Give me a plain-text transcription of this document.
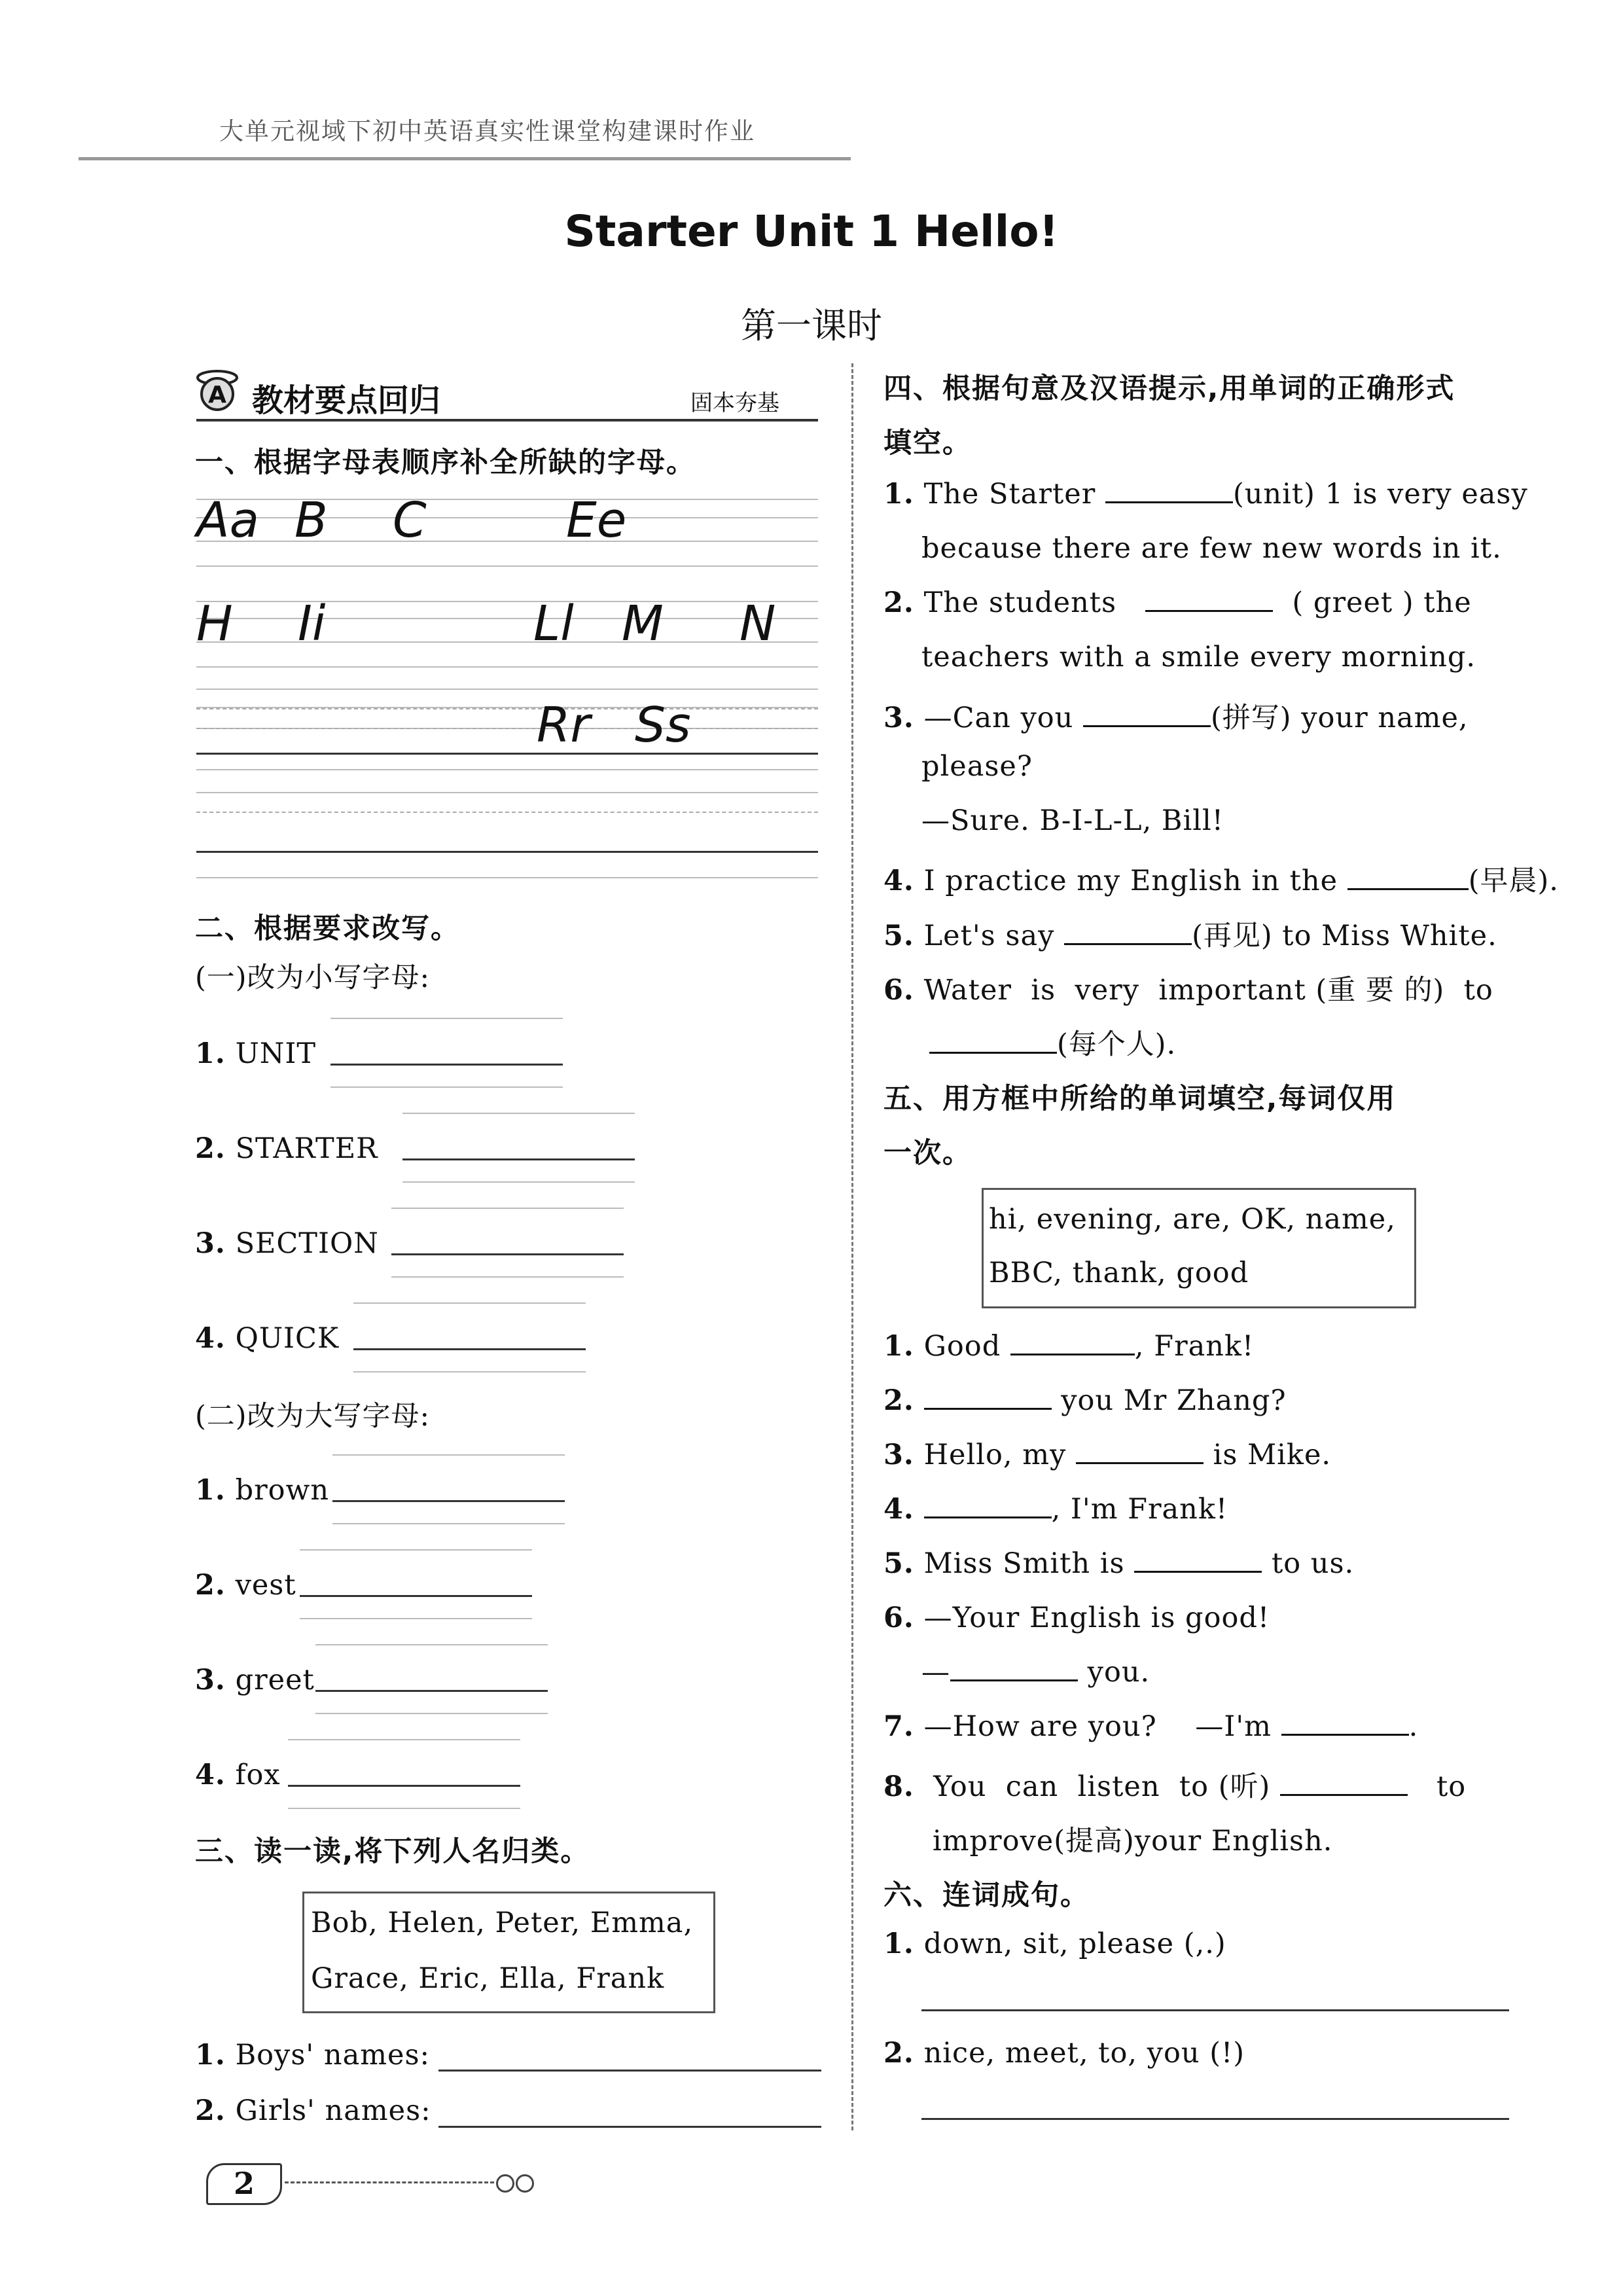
大单元视域下初中英语真实性课堂构建课时作业
Starter Unit 1 Hello!
第一课时
A 教材要点回归	固本夯基
一、根据字母表顺序补全所缺的字母。
Aa B C	Ee
H Ii	Ll M N
Rr Ss
二、根据要求改写。
(一)改为小写字母:
1. UNIT
2. STARTER
3. SECTION
4. QUICK
(二)改为大写字母:
1. brown
2. vest
3. greet
4. fox
三、读一读,将下列人名归类。
Bob, Helen, Peter, Emma,
Grace, Eric, Ella, Frank
1. Boys' names:
2. Girls' names:
四、根据句意及汉语提示,用单词的正确形式
填空。
1. The Starter	(unit) 1 is very easy
because there are few new words in it.
2. The students	( greet ) the
teachers with a smile every morning.
3. —Can you	(拼写) your name,
please?
—Sure. B-I-L-L, Bill!
4. I practice my English in the	(早晨).
5. Let's say	(再见) to Miss White.
6. Water  is  very  important (重 要 的)  to
(每个人).
五、用方框中所给的单词填空,每词仅用
一次。
hi, evening, are, OK, name,
BBC, thank, good
1. Good	, Frank!
2.	you Mr Zhang?
3. Hello, my	is Mike.
4.	, I'm Frank!
5. Miss Smith is	to us.
6. —Your English is good!
—	you.
7. —How are you? —I'm	.
8. You  can  listen  to (听)	to
improve(提高)your English.
六、连词成句。
1. down, sit, please (,.)
2. nice, meet, to, you (!)
2
